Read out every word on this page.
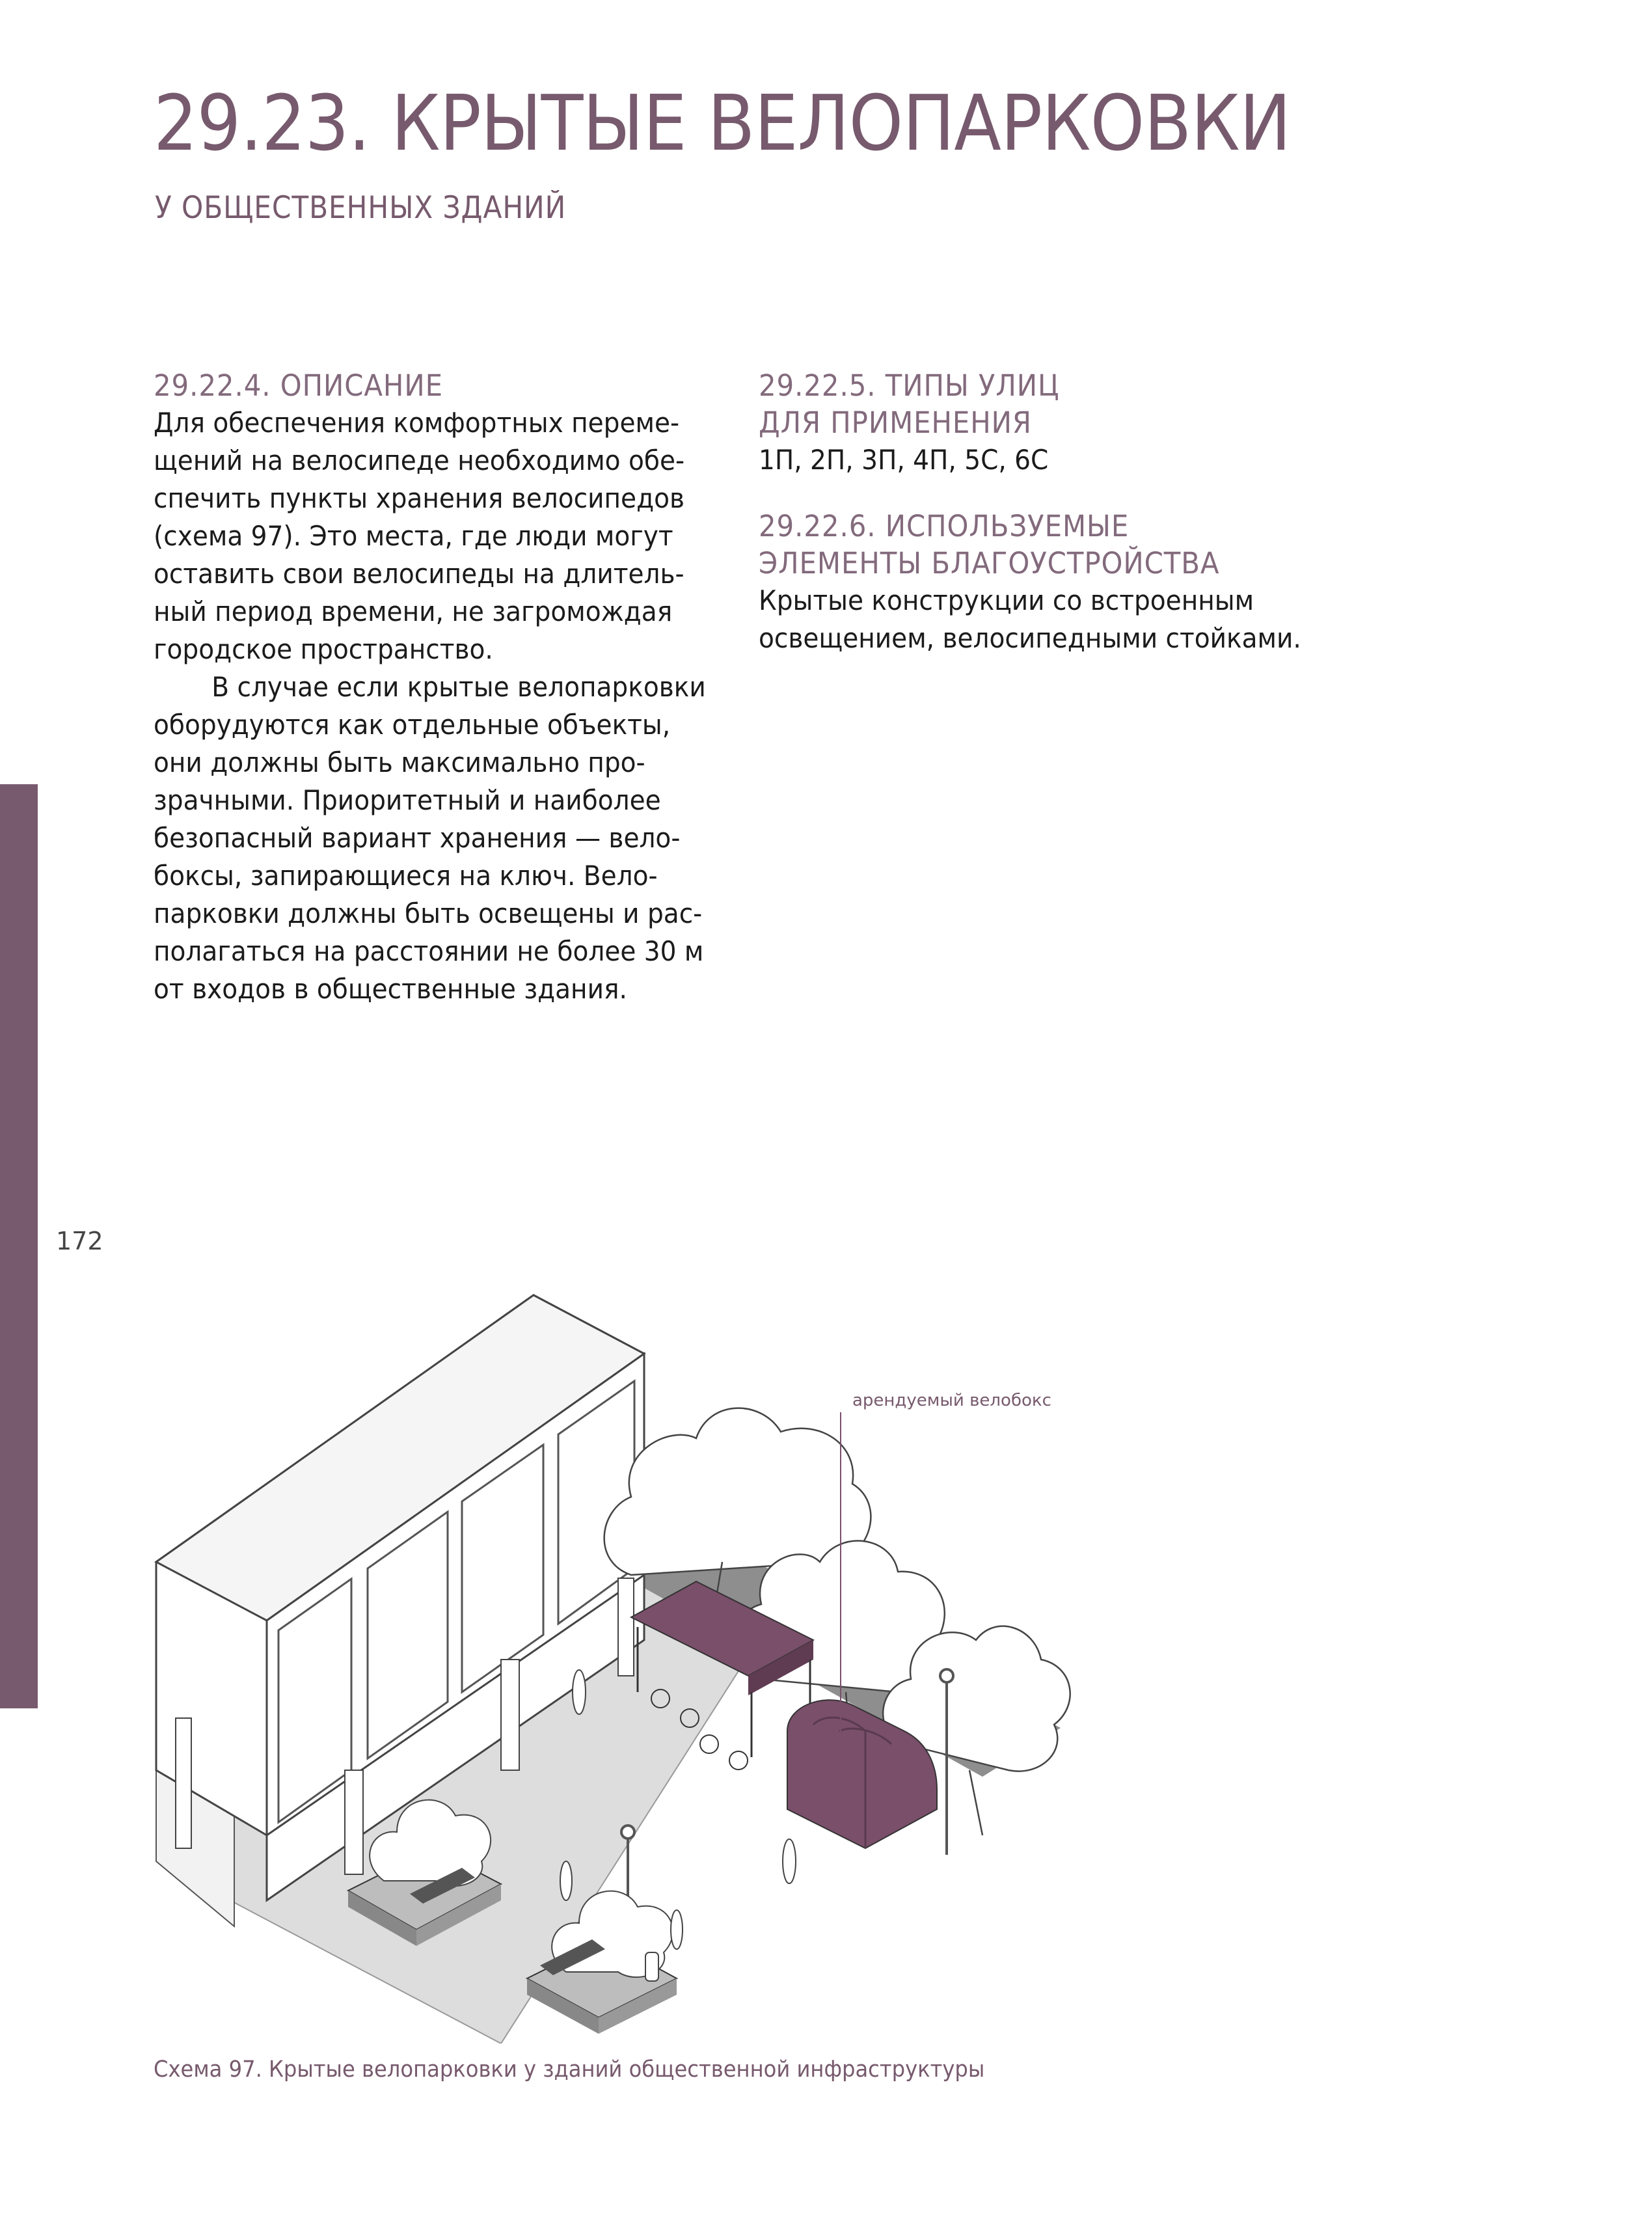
172
29.23. КРЫТЫЕ ВЕЛОПАРКОВКИ
У ОБЩЕСТВЕННЫХ ЗДАНИЙ
29.22.4. ОПИСАНИЕ

Для обеспечения комфортных переме-
щений на велосипеде необходимо обе-
спечить пункты хранения велосипедов
(схема 97). Это места, где люди могут
оставить свои велосипеды на длитель-
ный период времени, не загромождая
городское пространство.

В случае если крытые велопарковки
оборудуются как отдельные объекты,
они должны быть максимально про-
зрачными. Приоритетный и наиболее
безопасный вариант хранения — вело-
боксы, запирающиеся на ключ. Вело-
парковки должны быть освещены и рас-
полагаться на расстоянии не более 30 м
от входов в общественные здания.

29.22.5. ТИПЫ УЛИЦ
ДЛЯ ПРИМЕНЕНИЯ

1П, 2П, 3П, 4П, 5С, 6С

29.22.6. ИСПОЛЬЗУЕМЫЕ
ЭЛЕМЕНТЫ БЛАГОУСТРОЙСТВА

Крытые конструкции со встроенным
освещением, велосипедными стойками.

арендуемый велобокс
Схема 97. Крытые велопарковки у зданий общественной инфраструктуры
